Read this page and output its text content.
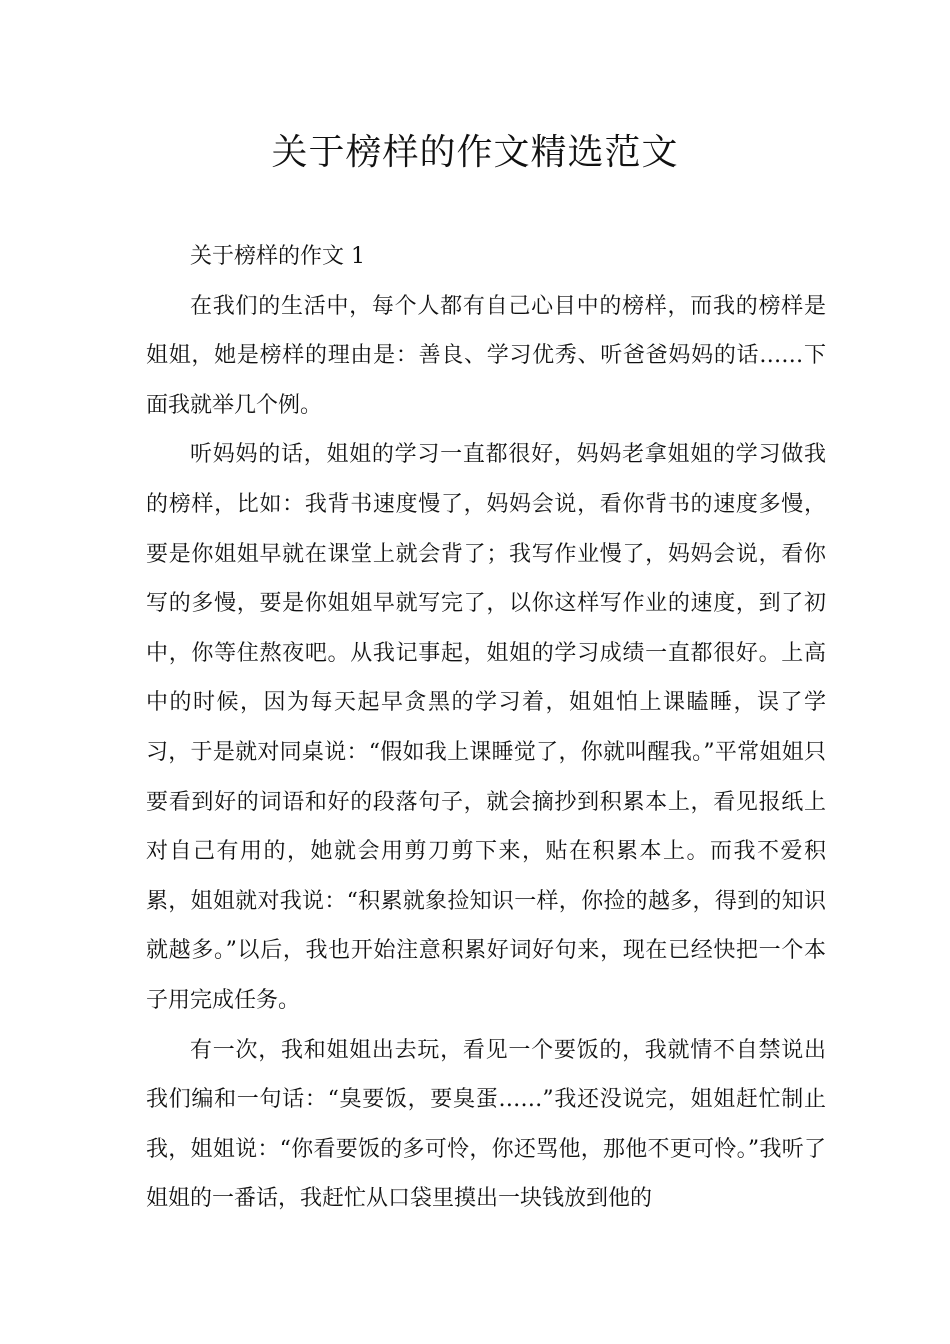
关于榜样的作文精选范文

关于榜样的作文 1

在我们的生活中，每个人都有自己心目中的榜样，而我的榜样是姐姐，她是榜样的理由是：善良、学习优秀、听爸爸妈妈的话……下面我就举几个例。

听妈妈的话，姐姐的学习一直都很好，妈妈老拿姐姐的学习做我的榜样，比如：我背书速度慢了，妈妈会说，看你背书的速度多慢，要是你姐姐早就在课堂上就会背了；我写作业慢了，妈妈会说，看你写的多慢，要是你姐姐早就写完了，以你这样写作业的速度，到了初中，你等住熬夜吧。从我记事起，姐姐的学习成绩一直都很好。上高中的时候，因为每天起早贪黑的学习着，姐姐怕上课瞌睡，误了学习，于是就对同桌说：“假如我上课睡觉了，你就叫醒我。”平常姐姐只要看到好的词语和好的段落句子，就会摘抄到积累本上，看见报纸上对自己有用的，她就会用剪刀剪下来，贴在积累本上。而我不爱积累，姐姐就对我说：“积累就象捡知识一样，你捡的越多，得到的知识就越多。”以后，我也开始注意积累好词好句来，现在已经快把一个本子用完成任务。

有一次，我和姐姐出去玩，看见一个要饭的，我就情不自禁说出我们编和一句话：“臭要饭，要臭蛋……”我还没说完，姐姐赶忙制止我，姐姐说：“你看要饭的多可怜，你还骂他，那他不更可怜。”我听了姐姐的一番话，我赶忙从口袋里摸出一块钱放到他的
